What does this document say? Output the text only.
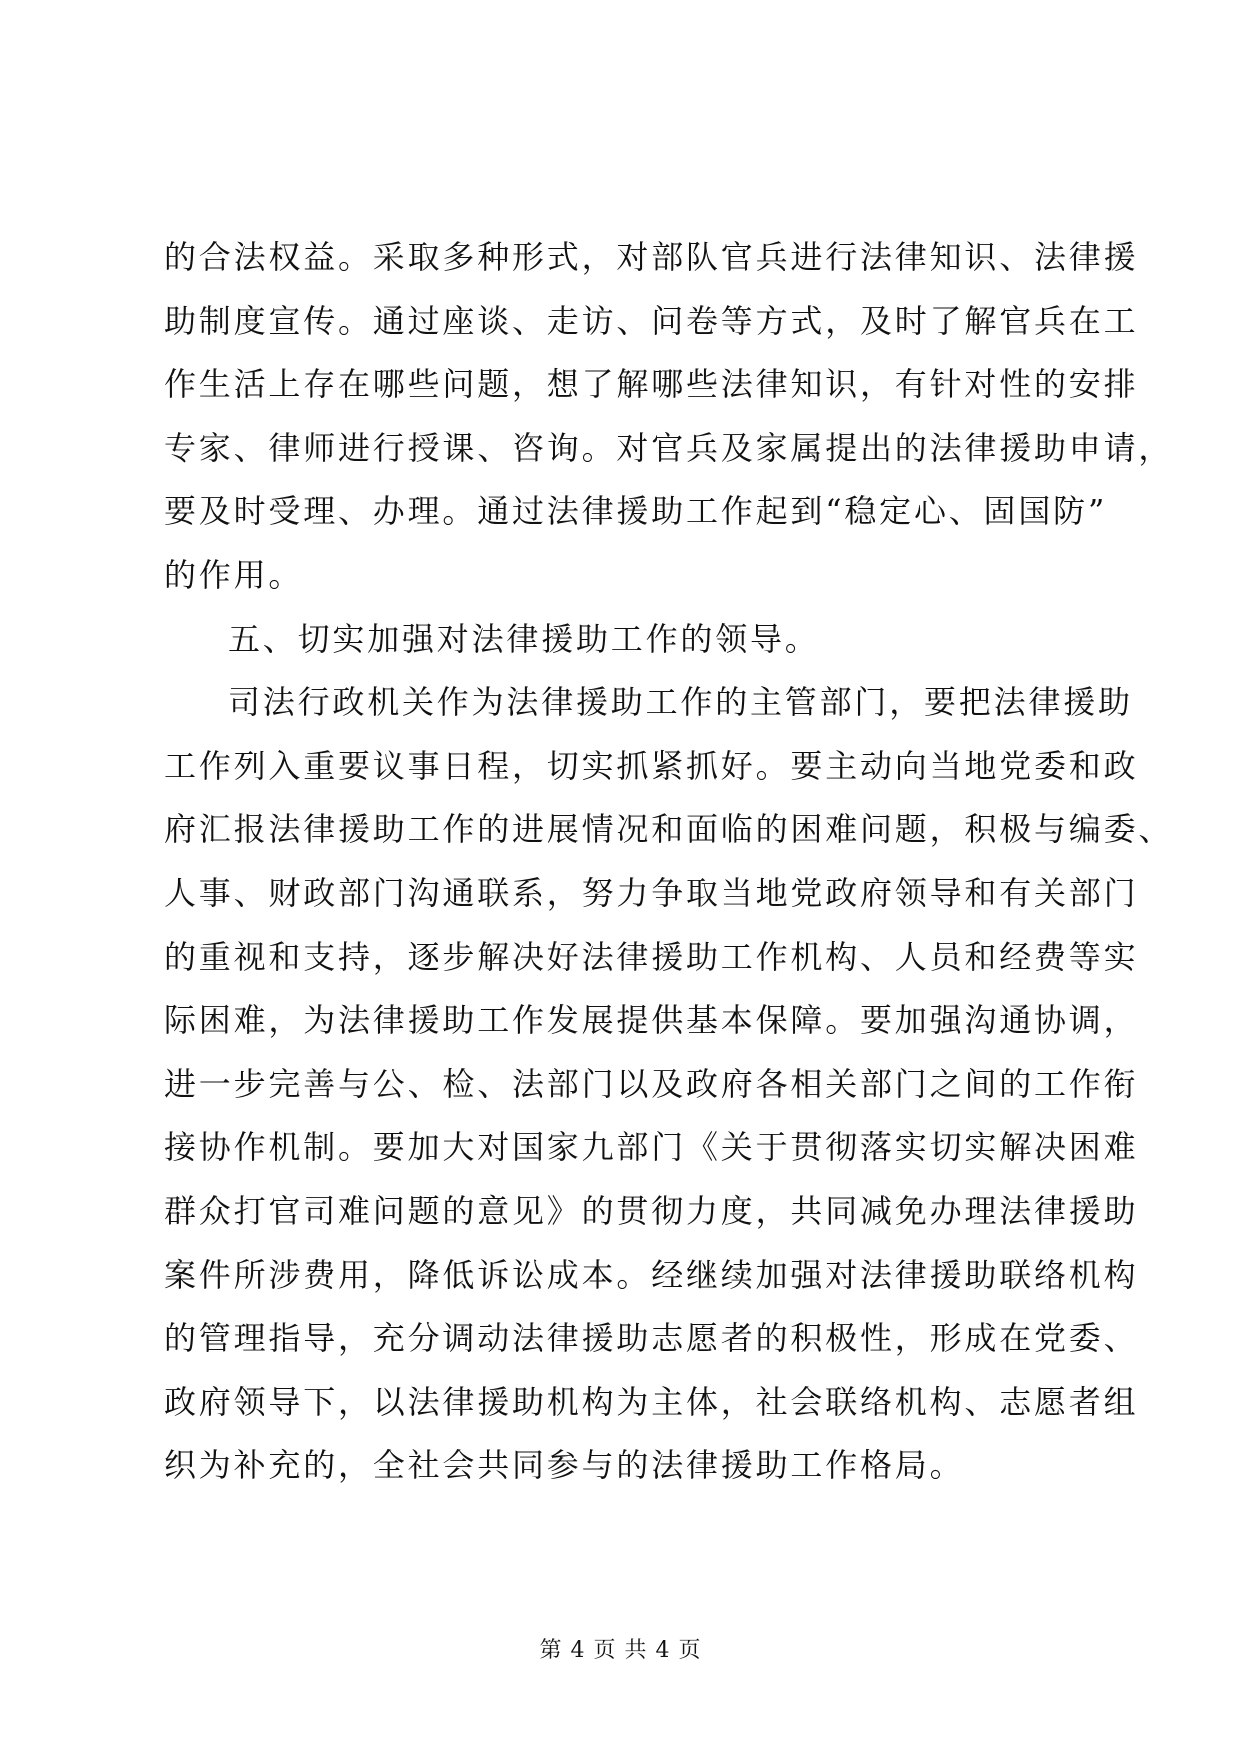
的合法权益。采取多种形式，对部队官兵进行法律知识、法律援
助制度宣传。通过座谈、走访、问卷等方式，及时了解官兵在工
作生活上存在哪些问题，想了解哪些法律知识，有针对性的安排
专家、律师进行授课、咨询。对官兵及家属提出的法律援助申请，
要及时受理、办理。通过法律援助工作起到“稳定心、固国防”
的作用。
五、切实加强对法律援助工作的领导。
司法行政机关作为法律援助工作的主管部门，要把法律援助
工作列入重要议事日程，切实抓紧抓好。要主动向当地党委和政
府汇报法律援助工作的进展情况和面临的困难问题，积极与编委、
人事、财政部门沟通联系，努力争取当地党政府领导和有关部门
的重视和支持，逐步解决好法律援助工作机构、人员和经费等实
际困难，为法律援助工作发展提供基本保障。要加强沟通协调，
进一步完善与公、检、法部门以及政府各相关部门之间的工作衔
接协作机制。要加大对国家九部门《关于贯彻落实切实解决困难
群众打官司难问题的意见》的贯彻力度，共同减免办理法律援助
案件所涉费用，降低诉讼成本。经继续加强对法律援助联络机构
的管理指导，充分调动法律援助志愿者的积极性，形成在党委、
政府领导下，以法律援助机构为主体，社会联络机构、志愿者组
织为补充的，全社会共同参与的法律援助工作格局。
第 4 页 共 4 页
